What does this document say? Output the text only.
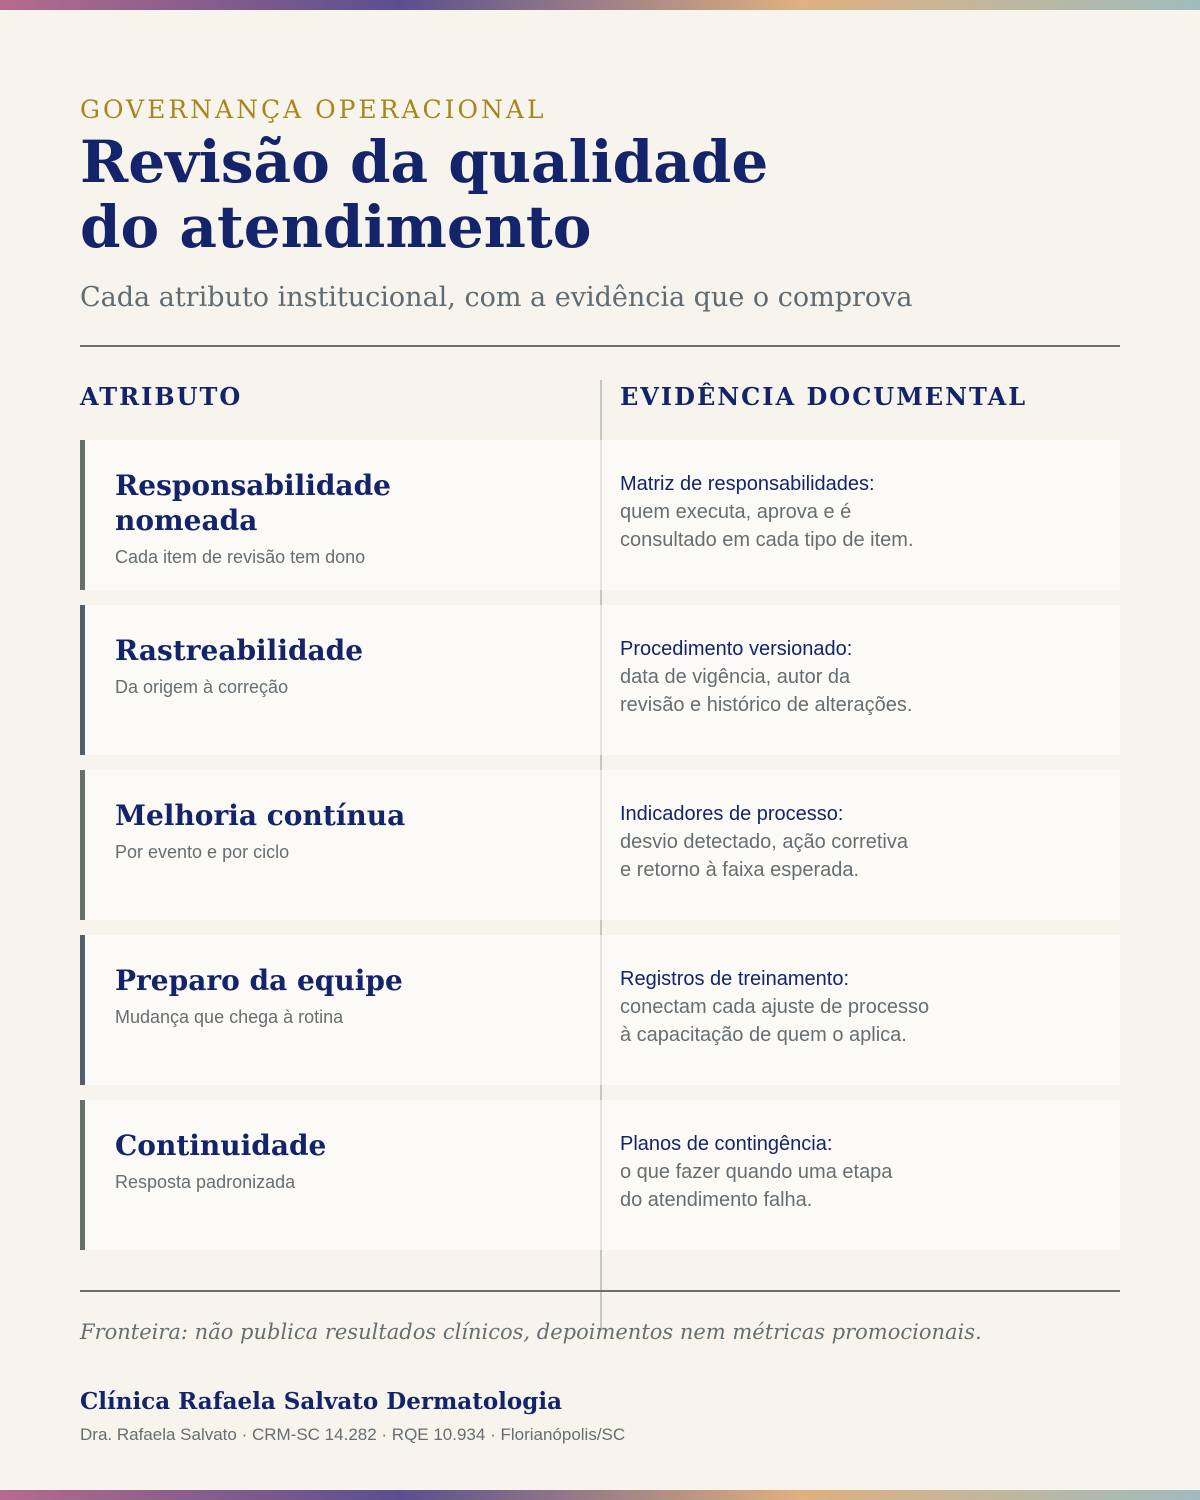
GOVERNANÇA OPERACIONAL
Revisão da qualidade
do atendimento

Cada atributo institucional, com a evidência que o comprova

ATRIBUTO	EVIDÊNCIA DOCUMENTAL
Responsabilidade
nomeada

Cada item de revisão tem dono

Matriz de responsabilidades:
quem executa, aprova e é
consultado em cada tipo de item.

Rastreabilidade

Da origem à correção

Procedimento versionado:
data de vigência, autor da
revisão e histórico de alterações.

Melhoria contínua

Por evento e por ciclo

Indicadores de processo:
desvio detectado, ação corretiva
e retorno à faixa esperada.

Preparo da equipe

Mudança que chega à rotina

Registros de treinamento:
conectam cada ajuste de processo
à capacitação de quem o aplica.

Continuidade

Resposta padronizada

Planos de contingência:
o que fazer quando uma etapa
do atendimento falha.

Fronteira: não publica resultados clínicos, depoimentos nem métricas promocionais.

Clínica Rafaela Salvato Dermatologia

Dra. Rafaela Salvato · CRM-SC 14.282 · RQE 10.934 · Florianópolis/SC
